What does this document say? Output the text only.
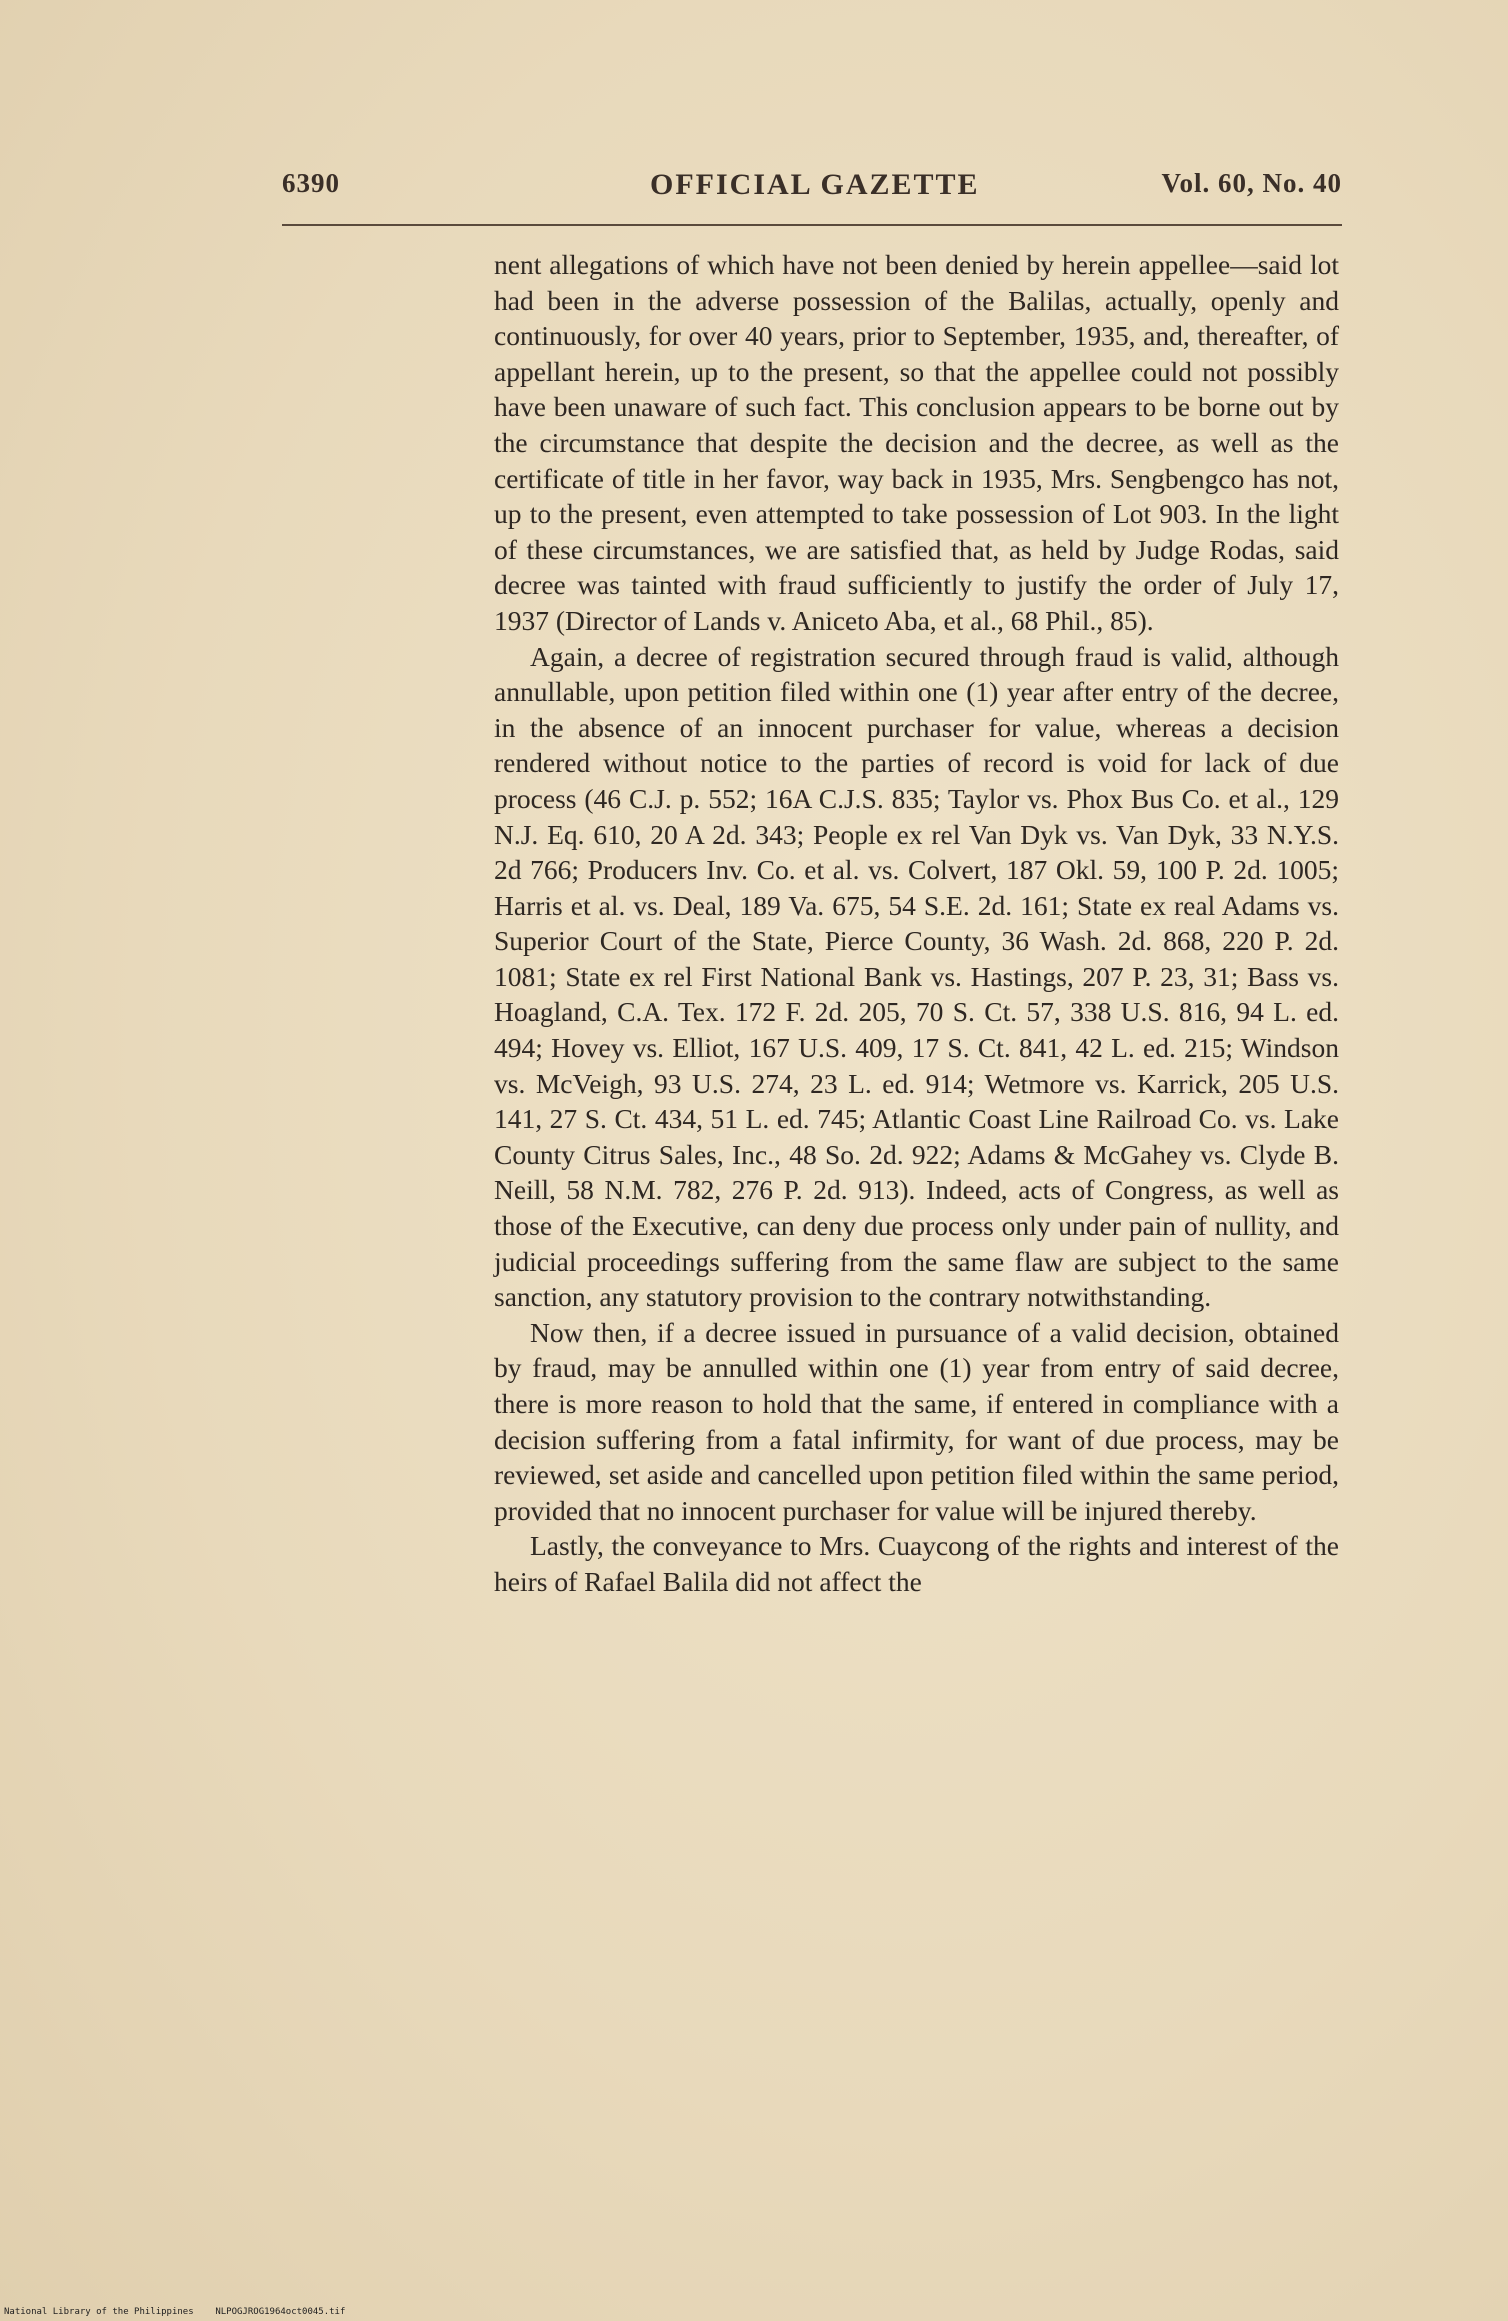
6390	OFFICIAL GAZETTE	Vol. 60, No. 40

nent allegations of which have not been denied by herein appellee—said lot had been in the adverse possession of the Balilas, actually, openly and continuously, for over 40 years, prior to September, 1935, and, thereafter, of appellant herein, up to the present, so that the appellee could not possibly have been unaware of such fact. This conclusion appears to be borne out by the circumstance that despite the decision and the decree, as well as the certificate of title in her favor, way back in 1935, Mrs. Sengbengco has not, up to the present, even attempted to take possession of Lot 903. In the light of these circumstances, we are satisfied that, as held by Judge Rodas, said decree was tainted with fraud sufficiently to justify the order of July 17, 1937 (Director of Lands v. Aniceto Aba, et al., 68 Phil., 85).

Again, a decree of registration secured through fraud is valid, although annullable, upon petition filed within one (1) year after entry of the decree, in the absence of an innocent purchaser for value, whereas a decision rendered without notice to the parties of record is void for lack of due process (46 C.J. p. 552; 16A C.J.S. 835; Taylor vs. Phox Bus Co. et al., 129 N.J. Eq. 610, 20 A 2d. 343; People ex rel Van Dyk vs. Van Dyk, 33 N.Y.S. 2d 766; Producers Inv. Co. et al. vs. Colvert, 187 Okl. 59, 100 P. 2d. 1005; Harris et al. vs. Deal, 189 Va. 675, 54 S.E. 2d. 161; State ex real Adams vs. Superior Court of the State, Pierce County, 36 Wash. 2d. 868, 220 P. 2d. 1081; State ex rel First National Bank vs. Hastings, 207 P. 23, 31; Bass vs. Hoagland, C.A. Tex. 172 F. 2d. 205, 70 S. Ct. 57, 338 U.S. 816, 94 L. ed. 494; Hovey vs. Elliot, 167 U.S. 409, 17 S. Ct. 841, 42 L. ed. 215; Windson vs. McVeigh, 93 U.S. 274, 23 L. ed. 914; Wetmore vs. Karrick, 205 U.S. 141, 27 S. Ct. 434, 51 L. ed. 745; Atlantic Coast Line Railroad Co. vs. Lake County Citrus Sales, Inc., 48 So. 2d. 922; Adams & McGahey vs. Clyde B. Neill, 58 N.M. 782, 276 P. 2d. 913). Indeed, acts of Congress, as well as those of the Executive, can deny due process only under pain of nullity, and judicial proceedings suffering from the same flaw are subject to the same sanction, any statutory provision to the contrary notwithstanding.

Now then, if a decree issued in pursuance of a valid decision, obtained by fraud, may be annulled within one (1) year from entry of said decree, there is more reason to hold that the same, if entered in compliance with a decision suffering from a fatal infirmity, for want of due process, may be reviewed, set aside and cancelled upon petition filed within the same period, provided that no innocent purchaser for value will be injured thereby.

Lastly, the conveyance to Mrs. Cuaycong of the rights and interest of the heirs of Rafael Balila did not affect the

National Library of the Philippines NLPOGJROG1964oct0045.tif
